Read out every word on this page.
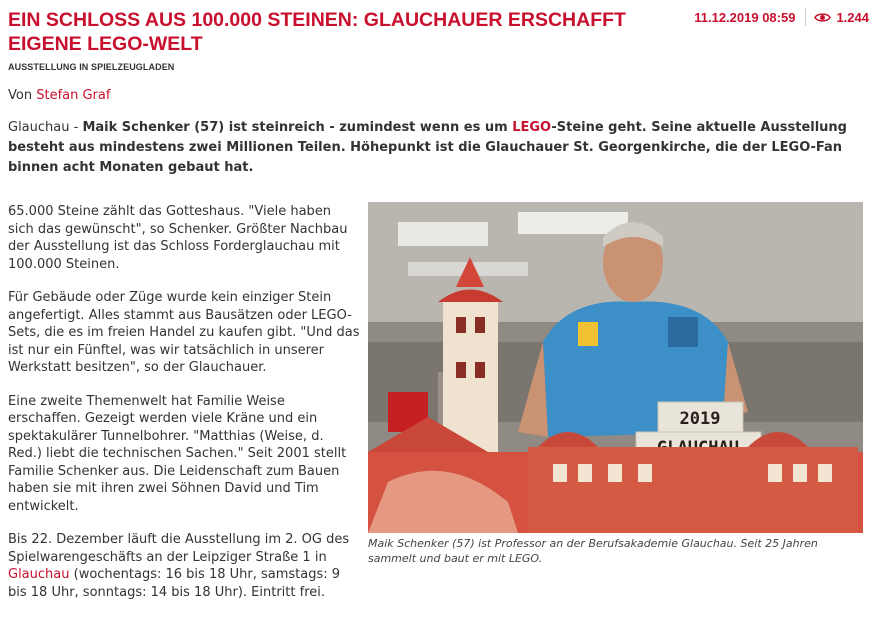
EIN SCHLOSS AUS 100.000 STEINEN: GLAUCHAUER ERSCHAFFT EIGENE LEGO-WELT
11.12.2019 08:59	1.244
AUSSTELLUNG IN SPIELZEUGLADEN
Von Stefan Graf
Glauchau - Maik Schenker (57) ist steinreich - zumindest wenn es um LEGO-Steine geht. Seine aktuelle Ausstellung besteht aus mindestens zwei Millionen Teilen. Höhepunkt ist die Glauchauer St. Georgenkirche, die der LEGO-Fan binnen acht Monaten gebaut hat.

65.000 Steine zählt das Gotteshaus. "Viele haben sich das gewünscht", so Schenker. Größter Nachbau der Ausstellung ist das Schloss Forderglauchau mit 100.000 Steinen.

Für Gebäude oder Züge wurde kein einziger Stein angefertigt. Alles stammt aus Bausätzen oder LEGO-Sets, die es im freien Handel zu kaufen gibt. "Und das ist nur ein Fünftel, was wir tatsächlich in unserer Werkstatt besitzen", so der Glauchauer.

Eine zweite Themenwelt hat Familie Weise erschaffen. Gezeigt werden viele Kräne und ein spektakulärer Tunnelbohrer. "Matthias (Weise, d. Red.) liebt die technischen Sachen." Seit 2001 stellt Familie Schenker aus. Die Leidenschaft zum Bauen haben sie mit ihren zwei Söhnen David und Tim entwickelt.

Bis 22. Dezember läuft die Ausstellung im 2. OG des Spielwarengeschäfts an der Leipziger Straße 1 in Glauchau (wochentags: 16 bis 18 Uhr, samstags: 9 bis 18 Uhr, sonntags: 14 bis 18 Uhr). Eintritt frei.

2019
Maik Schenker (57) ist Professor an der Berufsakademie Glauchau. Seit 25 Jahren sammelt und baut er mit LEGO.
